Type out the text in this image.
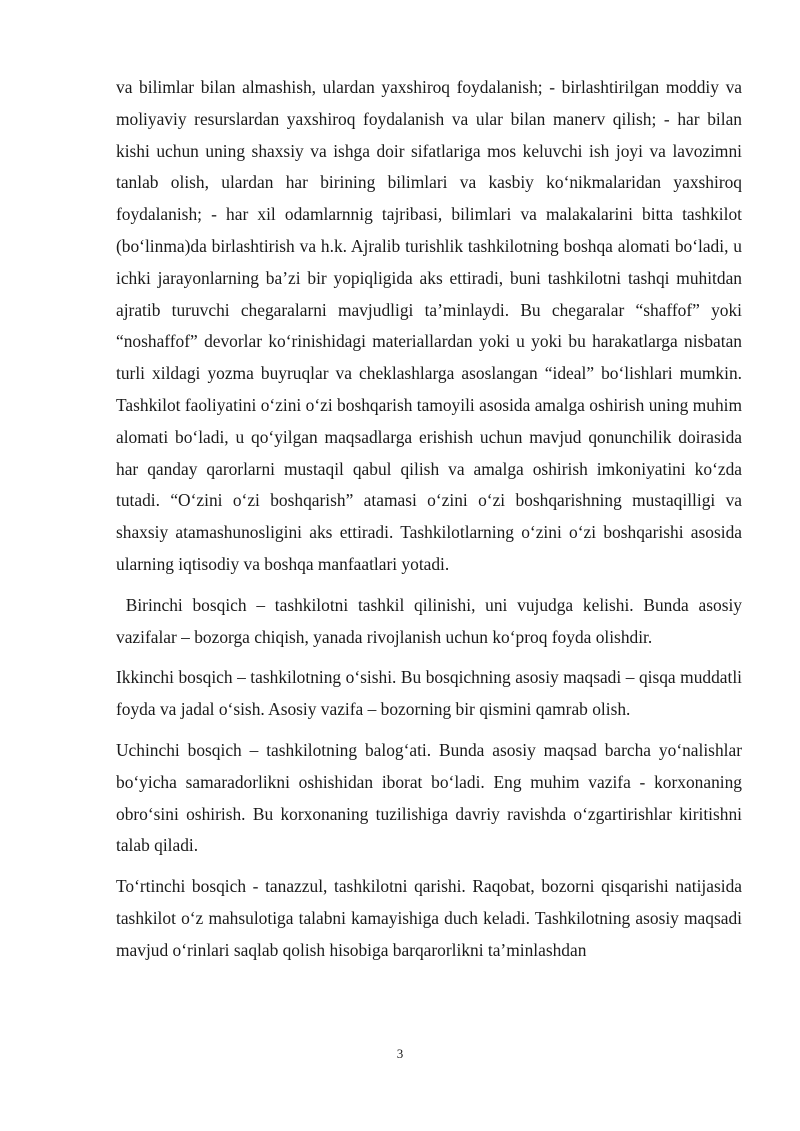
va bilimlar bilan almashish, ulardan yaxshiroq foydalanish; - birlashtirilgan moddiy va moliyaviy resurslardan yaxshiroq foydalanish va ular bilan manerv qilish; - har bilan kishi uchun uning shaxsiy va ishga doir sifatlariga mos keluvchi ish joyi va lavozimni tanlab olish, ulardan har birining bilimlari va kasbiy koʻnikmalaridan yaxshiroq foydalanish; - har xil odamlarnnig tajribasi, bilimlari va malakalarini bitta tashkilot (boʻlinma)da birlashtirish va h.k. Ajralib turishlik tashkilotning boshqa alomati boʻladi, u ichki jarayonlarning baʼzi bir yopiqligida aks ettiradi, buni tashkilotni tashqi muhitdan ajratib turuvchi chegaralarni mavjudligi taʼminlaydi. Bu chegaralar “shaffof” yoki “noshaffof” devorlar koʻrinishidagi materiallardan yoki u yoki bu harakatlarga nisbatan turli xildagi yozma buyruqlar va cheklashlarga asoslangan “ideal” boʻlishlari mumkin. Tashkilot faoliyatini oʻzini oʻzi boshqarish tamoyili asosida amalga oshirish uning muhim alomati boʻladi, u qoʻyilgan maqsadlarga erishish uchun mavjud qonunchilik doirasida har qanday qarorlarni mustaqil qabul qilish va amalga oshirish imkoniyatini koʻzda tutadi. “Oʻzini oʻzi boshqarish” atamasi oʻzini oʻzi boshqarishning mustaqilligi va shaxsiy atamashunosligini aks ettiradi. Tashkilotlarning oʻzini oʻzi boshqarishi asosida ularning iqtisodiy va boshqa manfaatlari yotadi.

Birinchi bosqich – tashkilotni tashkil qilinishi, uni vujudga kelishi. Bunda asosiy vazifalar – bozorga chiqish, yanada rivojlanish uchun koʻproq foyda olishdir.

Ikkinchi bosqich – tashkilotning oʻsishi. Bu bosqichning asosiy maqsadi – qisqa muddatli foyda va jadal oʻsish. Asosiy vazifa – bozorning bir qismini qamrab olish.

Uchinchi bosqich – tashkilotning balogʻati. Bunda asosiy maqsad barcha yoʻnalishlar boʻyicha samaradorlikni oshishidan iborat boʻladi. Eng muhim vazifa - korxonaning obroʻsini oshirish. Bu korxonaning tuzilishiga davriy ravishda oʻzgartirishlar kiritishni talab qiladi.

Toʻrtinchi bosqich - tanazzul, tashkilotni qarishi. Raqobat, bozorni qisqarishi natijasida tashkilot oʻz mahsulotiga talabni kamayishiga duch keladi. Tashkilotning asosiy maqsadi mavjud oʻrinlari saqlab qolish hisobiga barqarorlikni taʼminlashdan

3
